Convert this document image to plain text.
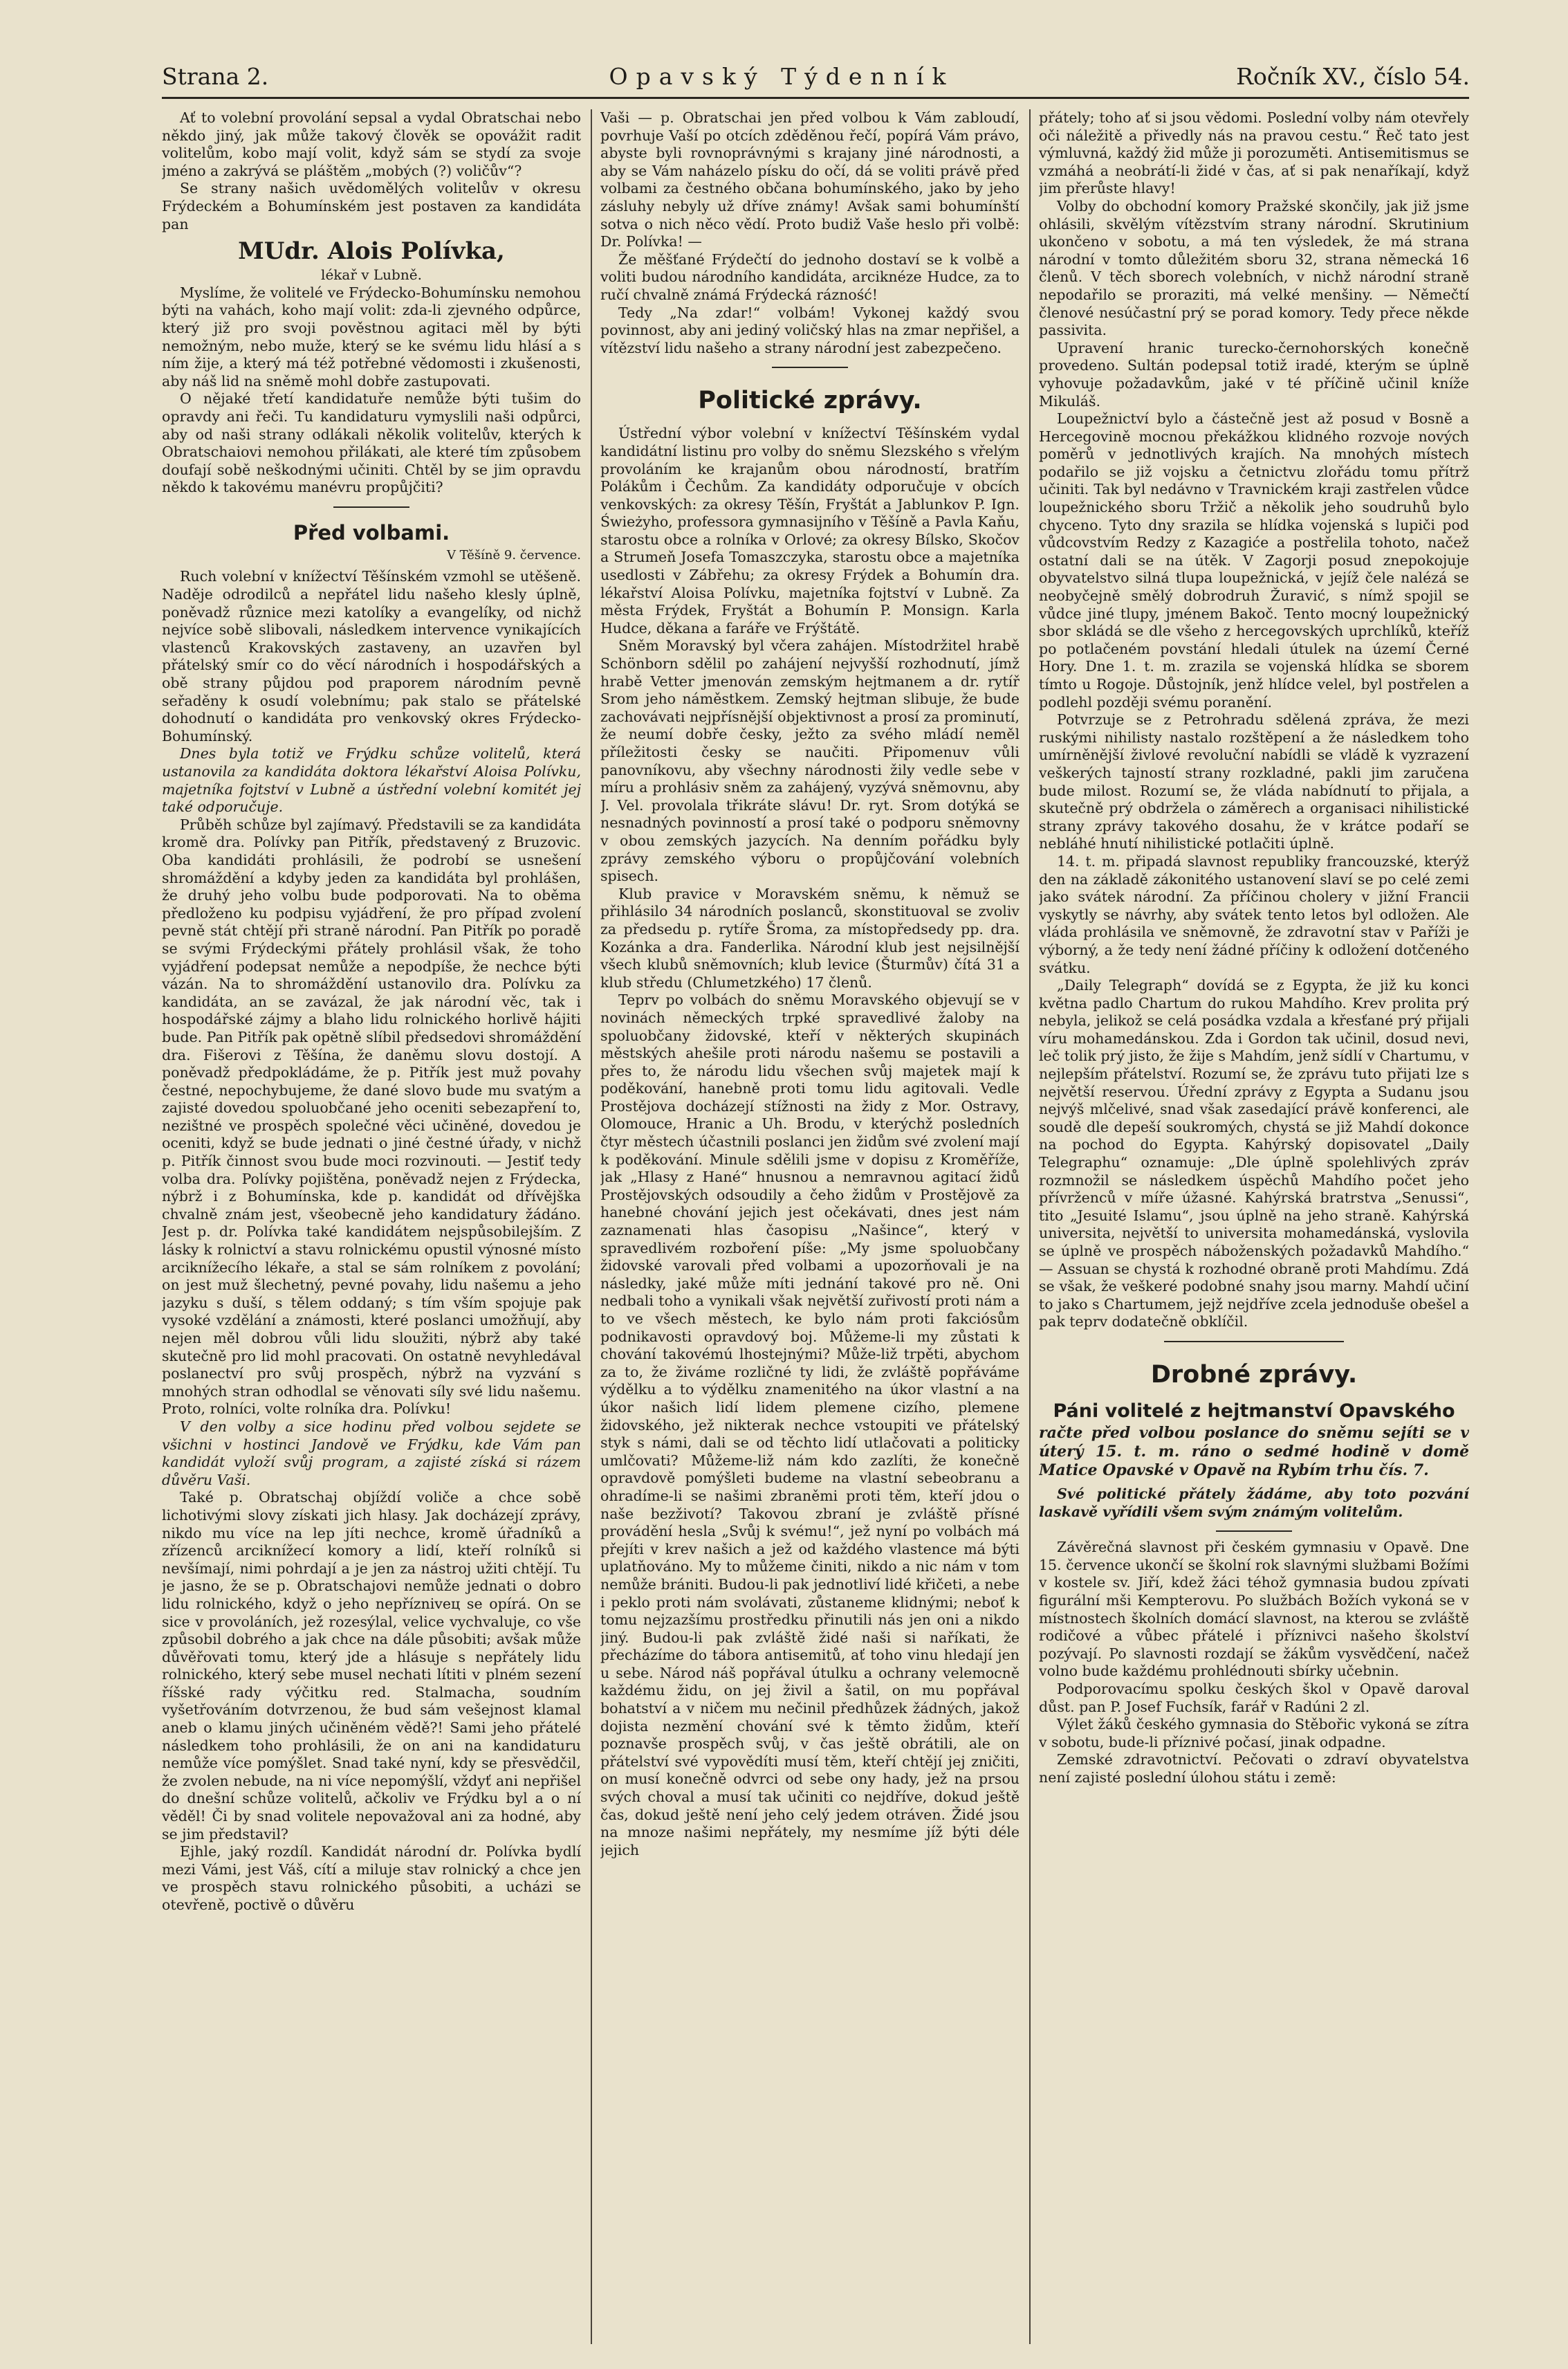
Strana 2.	Opavský Týdenník	Ročník XV., číslo 54.

Ať to volební provolání sepsal a vydal Obratschai nebo někdo jiný, jak může takový člověk se opovážit radit volitelům, kobo mají volit, když sám se stydí za svoje jméno a zakrývá se pláštěm „mobých (?) voličův“?

Se strany našich uvědomělých volitelův v okresu Frýdeckém a Bohumínském jest postaven za kandidáta pan

MUdr. Alois Polívka,

lékař v Lubně.

Myslíme, že volitelé ve Frýdecko-Bohumínsku nemohou býti na vahách, koho mají volit: zda-li zjevného odpůrce, který již pro svoji pověstnou agitaci měl by býti nemožným, nebo muže, který se ke svému lidu hlásí a s ním žije, a který má též potřebné vědomosti i zkušenosti, aby náš lid na sněmě mohl dobře zastupovati.

O nějaké třetí kandidatuře nemůže býti tušim do opravdy ani řeči. Tu kandidaturu vymyslili naši odpůrci, aby od naši strany odlákali několik volitelův, kterých k Obratschaiovi nemohou přilákati, ale které tím způsobem doufají sobě neškodnými učiniti. Chtěl by se jim opravdu někdo k takovému manévru propůjčiti?

Před volbami.

V Těšíně 9. července.

Ruch volební v knížectví Těšínském vzmohl se utěšeně. Naděje odrodilců a nepřátel lidu našeho klesly úplně, poněvadž různice mezi katolíky a evangelíky, od nichž nejvíce sobě slibovali, následkem intervence vynikajících vlastenců Krakovských zastaveny, an uzavřen byl přátelský smír co do věcí národních i hospodářských a obě strany půjdou pod praporem národním pevně seřaděny k osudí volebnímu; pak stalo se přátelské dohodnutí o kandidáta pro venkovský okres Frýdecko-Bohumínský.

Dnes byla totiž ve Frýdku schůze volitelů, která ustanovila za kandidáta doktora lékařství Aloisa Polívku, majetníka fojtství v Lubně a ústřední volební komitét jej také odporučuje.

Průběh schůze byl zajímavý. Představili se za kandidáta kromě dra. Polívky pan Pitřík, představený z Bruzovic. Oba kandidáti prohlásili, že podrobí se usnešení shromáždění a kdyby jeden za kandidáta byl prohlášen, že druhý jeho volbu bude podporovati. Na to oběma předloženo ku podpisu vyjádření, že pro případ zvolení pevně stát chtějí při straně národní. Pan Pitřík po poradě se svými Frýdeckými přátely prohlásil však, že toho vyjádření podepsat nemůže a nepodpíše, že nechce býti vázán. Na to shromáždění ustanovilo dra. Polívku za kandidáta, an se zavázal, že jak národní věc, tak i hospodářské zájmy a blaho lidu rolnického horlivě hájiti bude. Pan Pitřík pak opětně slíbil předsedovi shromáždění dra. Fišerovi z Těšína, že daněmu slovu dostojí. A poněvadž předpokládáme, že p. Pitřík jest muž povahy čestné, nepochybujeme, že dané slovo bude mu svatým a zajisté dovedou spoluobčané jeho oceniti sebezapření to, nezištné ve prospěch společné věci učiněné, dovedou je oceniti, když se bude jednati o jiné čestné úřady, v nichž p. Pitřík činnost svou bude moci rozvinouti. — Jestiť tedy volba dra. Polívky pojištěna, poněvadž nejen z Frýdecka, nýbrž i z Bohumínska, kde p. kandidát od dřívějška chvalně znám jest, všeobecně jeho kandidatury žádáno. Jest p. dr. Polívka také kandidátem nejspůsobilejším. Z lásky k rolnictví a stavu rolnickému opustil výnosné místo arciknížecího lékaře, a stal se sám rolníkem z povolání; on jest muž šlechetný, pevné povahy, lidu našemu a jeho jazyku s duší, s tělem oddaný; s tím vším spojuje pak vysoké vzdělání a známosti, které poslanci umožňují, aby nejen měl dobrou vůli lidu sloužiti, nýbrž aby také skutečně pro lid mohl pracovati. On ostatně nevyhledával poslanectví pro svůj prospěch, nýbrž na vyzvání s mnohých stran odhodlal se věnovati síly své lidu našemu. Proto, rolníci, volte rolníka dra. Polívku!

V den volby a sice hodinu před volbou sejdete se všichni v hostinci Jandově ve Frýdku, kde Vám pan kandidát vyloží svůj program, a zajisté získá si rázem důvěru Vaši.

Také p. Obratschaj objíždí voliče a chce sobě lichotivými slovy získati jich hlasy. Jak docházejí zprávy, nikdo mu více na lep jíti nechce, kromě úřadníků a zřízenců arciknížecí komory a lidí, kteří rolníků si nevšímají, nimi pohrdají a je jen za nástroj užiti chtějí. Tu je jasno, že se p. Obratschajovi nemůže jednati o dobro lidu rolnického, když o jeho nepřízniveц se opírá. On se sice v provoláních, jež rozesýlal, velice vychvaluje, co vše způsobil dobrého a jak chce na dále působiti; avšak může důvěřovati tomu, který jde a hlásuje s nepřátely lidu rolnického, který sebe musel nechati lítiti v plném sezení říšské rady výčitku red. Stalmacha, soudním vyšetřováním dotvrzenou, že bud sám vešejnost klamal aneb o klamu jiných učiněném vědě?! Sami jeho přátelé následkem toho prohlásili, že on ani na kandidaturu nemůže více pomýšlet. Snad také nyní, kdy se přesvědčil, že zvolen nebude, na ni více nepomýšlí, vždyť ani nepřišel do dnešní schůze volitelů, ačkoliv ve Frýdku byl a o ní věděl! Či by snad volitele nepovažoval ani za hodné, aby se jim představil?

Ejhle, jaký rozdíl. Kandidát národní dr. Polívka bydlí mezi Vámi, jest Váš, cítí a miluje stav rolnický a chce jen ve prospěch stavu rolnického působiti, a ucházi se otevřeně, poctivě o důvěru

Vaši — p. Obratschai jen před volbou k Vám zabloudí, povrhuje Vaší po otcích zděděnou řečí, popírá Vám právo, abyste byli rovnoprávnými s krajany jiné národnosti, a aby se Vám naházelo písku do očí, dá se voliti právě před volbami za čestného občana bohumínského, jako by jeho zásluhy nebyly už dříve známy! Avšak sami bohumínští sotva o nich něco vědí. Proto budiž Vaše heslo při volbě: Dr. Polívka! —

Že měšťané Frýdečtí do jednoho dostaví se k volbě a voliti budou národního kandidáta, arciknéze Hudce, za to ručí chvalně známá Frýdecká rázność!

Tedy „Na zdar!“ volbám! Vykonej každý svou povinnost, aby ani jediný voličský hlas na zmar nepřišel, a vítězství lidu našeho a strany národní jest zabezpečeno.

Politické zprávy.

Ústřední výbor volební v knížectví Těšínském vydal kandidátní listinu pro volby do sněmu Slezského s vřelým provoláním ke krajanům obou národností, bratřím Polákům i Čechům. Za kandidáty odporučuje v obcích venkovských: za okresy Těšín, Fryštát a Jablunkov P. Ign. Świeżyho, professora gymnasijního v Těšíně a Pavla Kaňu, starostu obce a rolníka v Orlové; za okresy Bílsko, Skočov a Strumeň Josefa Tomaszczyka, starostu obce a majetníka usedlosti v Zábřehu; za okresy Frýdek a Bohumín dra. lékařství Aloisa Polívku, majetníka fojtství v Lubně. Za města Frýdek, Fryštát a Bohumín P. Monsign. Karla Hudce, děkana a faráře ve Frýštátě.

Sněm Moravský byl včera zahájen. Místodržitel hrabě Schönborn sdělil po zahájení nejvyšší rozhodnutí, jímž hrabě Vetter jmenován zemským hejtmanem a dr. rytíř Srom jeho náměstkem. Zemský hejtman slibuje, že bude zachovávati nejpřísnější objektivnost a prosí za prominutí, že neumí dobře česky, ježto za svého mládí neměl příležitosti česky se naučiti. Připomenuv vůli panovníkovu, aby všechny národnosti žily vedle sebe v míru a prohlásiv sněm za zahájený, vyzývá sněmovnu, aby J. Vel. provolala třikráte slávu! Dr. ryt. Srom dotýká se nesnadných povinností a prosí také o podporu sněmovny v obou zemských jazycích. Na denním pořádku byly zprávy zemského výboru o propůjčování volebních spisech.

Klub pravice v Moravském sněmu, k němuž se přihlásilo 34 národních poslanců, skonstituoval se zvoliv za předsedu p. rytíře Šroma, za místopředsedy pp. dra. Kozánka a dra. Fanderlika. Národní klub jest nejsilnější všech klubů sněmovních; klub levice (Šturmův) čítá 31 a klub středu (Chlumetzkého) 17 členů.

Teprv po volbách do sněmu Moravského objevují se v novinách německých trpké spravedlivé žaloby na spoluobčany židovské, kteří v některých skupinách městských ahešile proti národu našemu se postavili a přes to, že národu lidu všechen svůj majetek mají k poděkování, hanebně proti tomu lidu agitovali. Vedle Prostějova docházejí stížnosti na židy z Mor. Ostravy, Olomouce, Hranic a Uh. Brodu, v kterýchž posledních čtyr městech účastnili poslanci jen židům své zvolení mají k poděkování. Minule sdělili jsme v dopisu z Kroměříže, jak „Hlasy z Hané“ hnusnou a nemravnou agitací židů Prostějovských odsoudily a čeho židům v Prostějově za hanebné chování jejich jest očekávati, dnes jest nám zaznamenati hlas časopisu „Našince“, který v spravedlivém rozboření píše: „My jsme spoluobčany židovské varovali před volbami a upozorňovali je na následky, jaké může míti jednání takové pro ně. Oni nedbali toho a vynikali však největší zuřivostí proti nám a to ve všech městech, ke bylo nám proti fakciósům podnikavosti opravdový boj. Můžeme-li my zůstati k chování takovémú lhostejnými? Může-liž trpěti, abychom za to, že živáme rozličné ty lidi, že zvláště popřáváme výdělku a to výdělku znamenitého na úkor vlastní a na úkor našich lidí lidem plemene cizího, plemene židovského, jež nikterak nechce vstoupiti ve přátelský styk s námi, dali se od těchto lidí utlačovati a politicky umlčovati? Můžeme-liž nám kdo zazlíti, že konečně opravdově pomýšleti budeme na vlastní sebeobranu a ohradíme-li se našimi zbraněmi proti těm, kteří jdou o naše bezživotí? Takovou zbraní je zvláště přísné provádění hesla „Svůj k svému!“, jež nyní po volbách má přejíti v krev našich a jež od každého vlastence má býti uplatňováno. My to můžeme činiti, nikdo a nic nám v tom nemůže brániti. Budou-li pak jednotliví lidé křičeti, a nebe i peklo proti nám svolávati, zůstaneme klidnými; neboť k tomu nejzazšímu prostředku přinutili nás jen oni a nikdo jiný. Budou-li pak zvláště židé naši si naříkati, že přecházíme do tábora antisemitů, ať toho vinu hledají jen u sebe. Národ náš popřával útulku a ochrany velemocně každému židu, on jej živil a šatil, on mu popřával bohatství a v ničem mu nečinil předhůzek žádných, jakož dojista nezmění chování své k těmto židům, kteří poznavše prospěch svůj, v čas ještě obrátili, ale on přátelství své vypovědíti musí těm, kteří chtějí jej zničiti, on musí konečně odvrci od sebe ony hady, jež na prsou svých choval a musí tak učiniti co nejdříve, dokud ještě čas, dokud ještě není jeho celý jedem otráven. Židé jsou na mnoze našimi nepřátely, my nesmíme jíž býti déle jejich

přátely; toho ať si jsou vědomi. Poslední volby nám otevřely oči náležitě a přivedly nás na pravou cestu.“ Řeč tato jest výmluvná, každý žid může ji porozuměti. Antisemitismus se vzmáhá a neobrátí-li židé v čas, ať si pak nenaříkají, když jim přerůste hlavy!

Volby do obchodní komory Pražské skončily, jak již jsme ohlásili, skvělým vítězstvím strany národní. Skrutinium ukončeno v sobotu, a má ten výsledek, že má strana národní v tomto důležitém sboru 32, strana německá 16 členů. V těch sborech volebních, v nichž národní straně nepodařilo se proraziti, má velké menšiny. — Němečtí členové nesúčastní prý se porad komory. Tedy přece někde passivita.

Upravení hranic turecko-černohorských konečně provedeno. Sultán podepsal totiž iradé, kterým se úplně vyhovuje požadavkům, jaké v té příčině učinil kníže Mikuláš.

Loupežnictví bylo a částečně jest až posud v Bosně a Hercegovině mocnou překážkou klidného rozvoje nových poměrů v jednotlivých krajích. Na mnohých místech podařilo se již vojsku a četnictvu zlořádu tomu přítrž učiniti. Tak byl nedávno v Travnickém kraji zastřelen vůdce loupežnického sboru Tržič a několik jeho soudruhů bylo chyceno. Tyto dny srazila se hlídka vojenská s lupiči pod vůdcovstvím Redzy z Kazagiće a postřelila tohoto, načež ostatní dali se na útěk. V Zagorji posud znepokojuje obyvatelstvo silná tlupa loupežnická, v jejíž čele nalézá se neobyčejně smělý dobrodruh Žuravić, s nímž spojil se vůdce jiné tlupy, jménem Bakoč. Tento mocný loupežnický sbor skládá se dle všeho z hercegovských uprchlíků, kteříž po potlačeném povstání hledali útulek na území Černé Hory. Dne 1. t. m. zrazila se vojenská hlídka se sborem tímto u Rogoje. Důstojník, jenž hlídce velel, byl postřelen a podlehl později svému poranění.

Potvrzuje se z Petrohradu sdělená zpráva, že mezi ruskými nihilisty nastalo rozštěpení a že následkem toho umírněnější živlové revoluční nabídli se vládě k vyzrazení veškerých tajností strany rozkladné, pakli jim zaručena bude milost. Rozumí se, že vláda nabídnutí to přijala, a skutečně prý obdržela o záměrech a organisaci nihilistické strany zprávy takového dosahu, že v krátce podaří se nebláhé hnutí nihilistické potlačiti úplně.

14. t. m. připadá slavnost republiky francouzské, kterýž den na základě zákonitého ustanovení slaví se po celé zemi jako svátek národní. Za příčinou cholery v jižní Francii vyskytly se návrhy, aby svátek tento letos byl odložen. Ale vláda prohlásila ve sněmovně, že zdravotní stav v Paříži je výborný, a že tedy není žádné příčiny k odložení dotčeného svátku.

„Daily Telegraph“ dovídá se z Egypta, že již ku konci května padlo Chartum do rukou Mahdího. Krev prolita prý nebyla, jelikož se celá posádka vzdala a křesťané prý přijali víru mohamedánskou. Zda i Gordon tak učinil, dosud nevi, leč tolik prý jisto, že žije s Mahdím, jenž sídlí v Chartumu, v nejlepším přátelství. Rozumí se, že zprávu tuto přijati lze s největší reservou. Úřední zprávy z Egypta a Sudanu jsou nejvýš mlčelivé, snad však zasedající právě konferenci, ale soudě dle depeší soukromých, chystá se již Mahdí dokonce na pochod do Egypta. Kahýrský dopisovatel „Daily Telegraphu“ oznamuje: „Dle úplně spolehlivých zpráv rozmnožil se následkem úspěchů Mahdího počet jeho přívrženců v míře úžasné. Kahýrská bratrstva „Senussi“, tito „Jesuité Islamu“, jsou úplně na jeho straně. Kahýrská universita, největší to universita mohamedánská, vyslovila se úplně ve prospěch náboženských požadavků Mahdího.“ — Assuan se chystá k rozhodné obraně proti Mahdímu. Zdá se však, že veškeré podobné snahy jsou marny. Mahdí učiní to jako s Chartumem, jejž nejdříve zcela jednoduše obešel a pak teprv dodatečně obklíčil.

Drobné zprávy.

Páni volitelé z hejtmanství Opavského

račte před volbou poslance do sněmu sejíti se v úterý 15. t. m. ráno o sedmé hodině v domě Matice Opavské v Opavě na Rybím trhu čís. 7.

Své politické přátely žádáme, aby toto pozvání laskavě vyřídili všem svým známým volitelům.

Závěrečná slavnost při českém gymnasiu v Opavě. Dne 15. července ukončí se školní rok slavnými službami Božími v kostele sv. Jiří, kdež žáci téhož gymnasia budou zpívati figurální mši Kempterovu. Po službách Božích vykoná se v místnostech školních domácí slavnost, na kterou se zvláště rodičové a vůbec přátelé i příznivci našeho školství pozývají. Po slavnosti rozdají se žákům vysvědčení, načež volno bude každému prohlédnouti sbírky učebnin.

Podporovacímu spolku českých škol v Opavě daroval důst. pan P. Josef Fuchsík, farář v Radúni 2 zl.

Výlet žáků českého gymnasia do Stěbořic vykoná se zítra v sobotu, bude-li příznivé počasí, jinak odpadne.

Zemské zdravotnictví. Pečovati o zdraví obyvatelstva není zajisté poslední úlohou státu i země:
